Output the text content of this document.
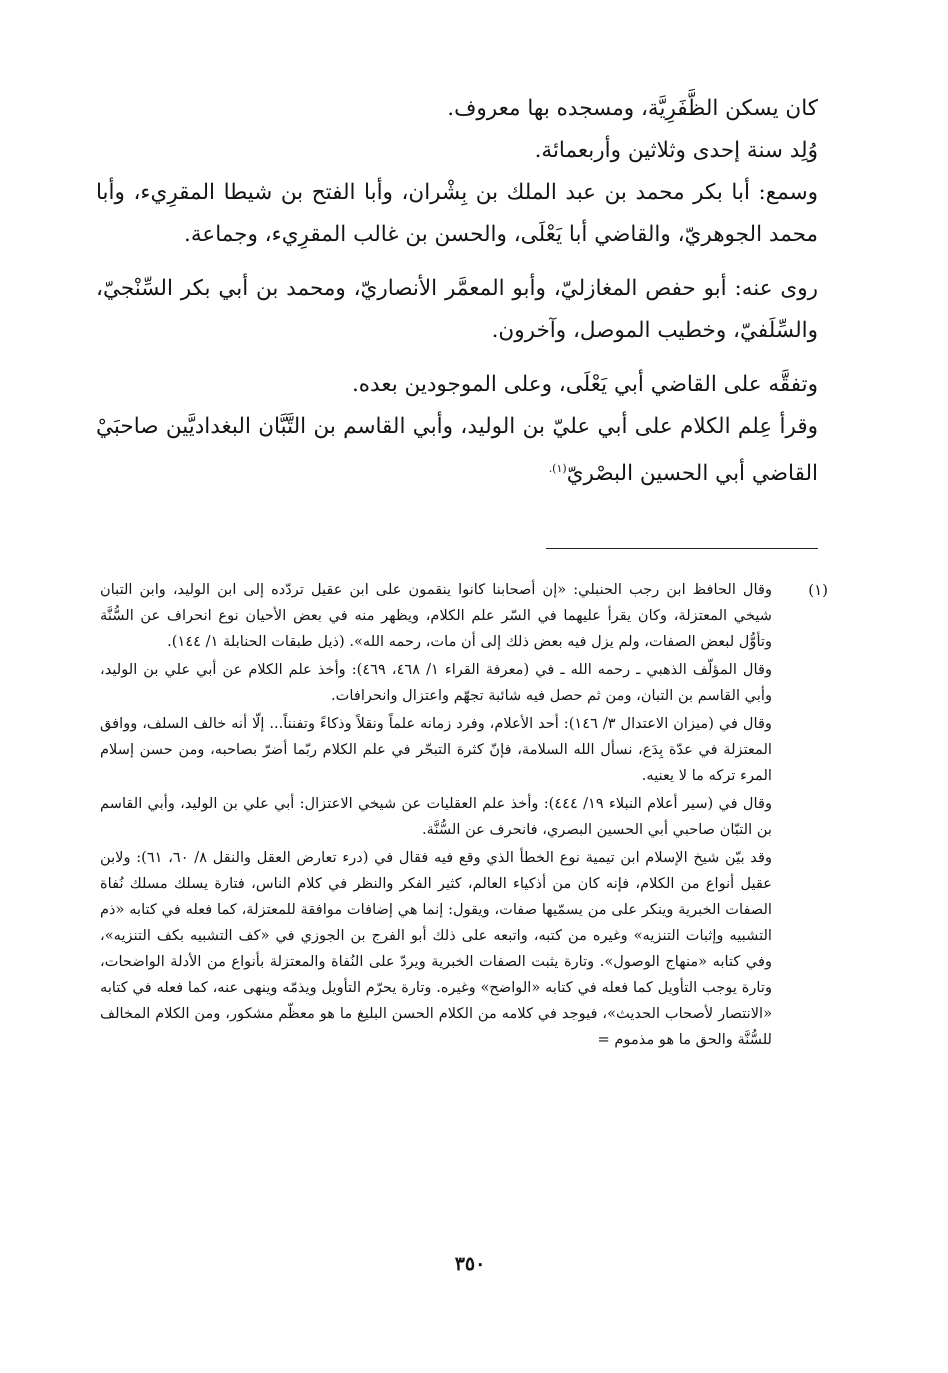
كان يسكن الظَّفَرِيَّة، ومسجده بها معروف.

وُلِد سنة إحدى وثلاثين وأربعمائة.

وسمع: أبا بكر محمد بن عبد الملك بن بِشْران، وأبا الفتح بن شيطا المقرِيء، وأبا محمد الجوهريّ، والقاضي أبا يَعْلَى، والحسن بن غالب المقرِيء، وجماعة.

روى عنه: أبو حفص المغازليّ، وأبو المعمَّر الأنصاريّ، ومحمد بن أبي بكر السِّنْجيّ، والسِّلَفيّ، وخطيب الموصل، وآخرون.

وتفقَّه على القاضي أبي يَعْلَى، وعلى الموجودين بعده.

وقرأ عِلم الكلام على أبي عليّ بن الوليد، وأبي القاسم بن التَّبَّان البغداديَّين صاحبَيْ القاضي أبي الحسين البصْريّ$^{(١).}$

(١)

وقال الحافظ ابن رجب الحنبلي: «إن أصحابنا كانوا ينقمون على ابن عقيل تردّده إلى ابن الوليد، وابن التبان شيخي المعتزلة، وكان يقرأ عليهما في السّر علم الكلام، ويظهر منه في بعض الأحيان نوع انحراف عن السُّنَّة وتأوُّل لبعض الصفات، ولم يزل فيه بعض ذلك إلى أن مات، رحمه الله». (ذيل طبقات الحنابلة ١/ ١٤٤).

وقال المؤلّف الذهبي ـ رحمه الله ـ في (معرفة القراء ١/ ٤٦٨، ٤٦٩): وأخذ علم الكلام عن أبي علي بن الوليد، وأبي القاسم بن التبان، ومن ثم حصل فيه شائبة تجهّم واعتزال وانحرافات.

وقال في (ميزان الاعتدال ٣/ ١٤٦): أحد الأعلام، وفرد زمانه علماً ونقلاً وذكاءً وتفنناً... إلّا أنه خالف السلف، ووافق المعتزلة في عدّة بِدَع، نسأل الله السلامة، فإنّ كثرة التبحّر في علم الكلام ربّما أضرّ بصاحبه، ومن حسن إسلام المرء تركه ما لا يعنيه.

وقال في (سير أعلام النبلاء ١٩/ ٤٤٤): وأخذ علم العقليات عن شيخي الاعتزال: أبي علي بن الوليد، وأبي القاسم بن التبّان صاحبي أبي الحسين البصري، فانحرف عن السُّنَّة.

وقد بيّن شيخ الإسلام ابن تيمية نوع الخطأ الذي وقع فيه فقال في (درء تعارض العقل والنقل ٨/ ٦٠، ٦١): ولابن عقيل أنواع من الكلام، فإنه كان من أذكياء العالم، كثير الفكر والنظر في كلام الناس، فتارة يسلك مسلك نُفاة الصفات الخبرية وينكر على من يسمّيها صفات، ويقول: إنما هي إضافات موافقة للمعتزلة، كما فعله في كتابه «ذم التشبيه وإثبات التنزيه» وغيره من كتبه، واتبعه على ذلك أبو الفرج بن الجوزي في «كف التشبيه بكف التنزيه»، وفي كتابه «منهاج الوصول». وتارة يثبت الصفات الخبرية ويردّ على النُفاة والمعتزلة بأنواع من الأدلة الواضحات، وتارة يوجب التأويل كما فعله في كتابه «الواضح» وغيره. وتارة يحرّم التأويل ويذمّه وينهى عنه، كما فعله في كتابه «الانتصار لأصحاب الحديث»، فيوجد في كلامه من الكلام الحسن البليغ ما هو معظّم مشكور، ومن الكلام المخالف للسُّنَّة والحق ما هو مذموم =

٣٥٠
